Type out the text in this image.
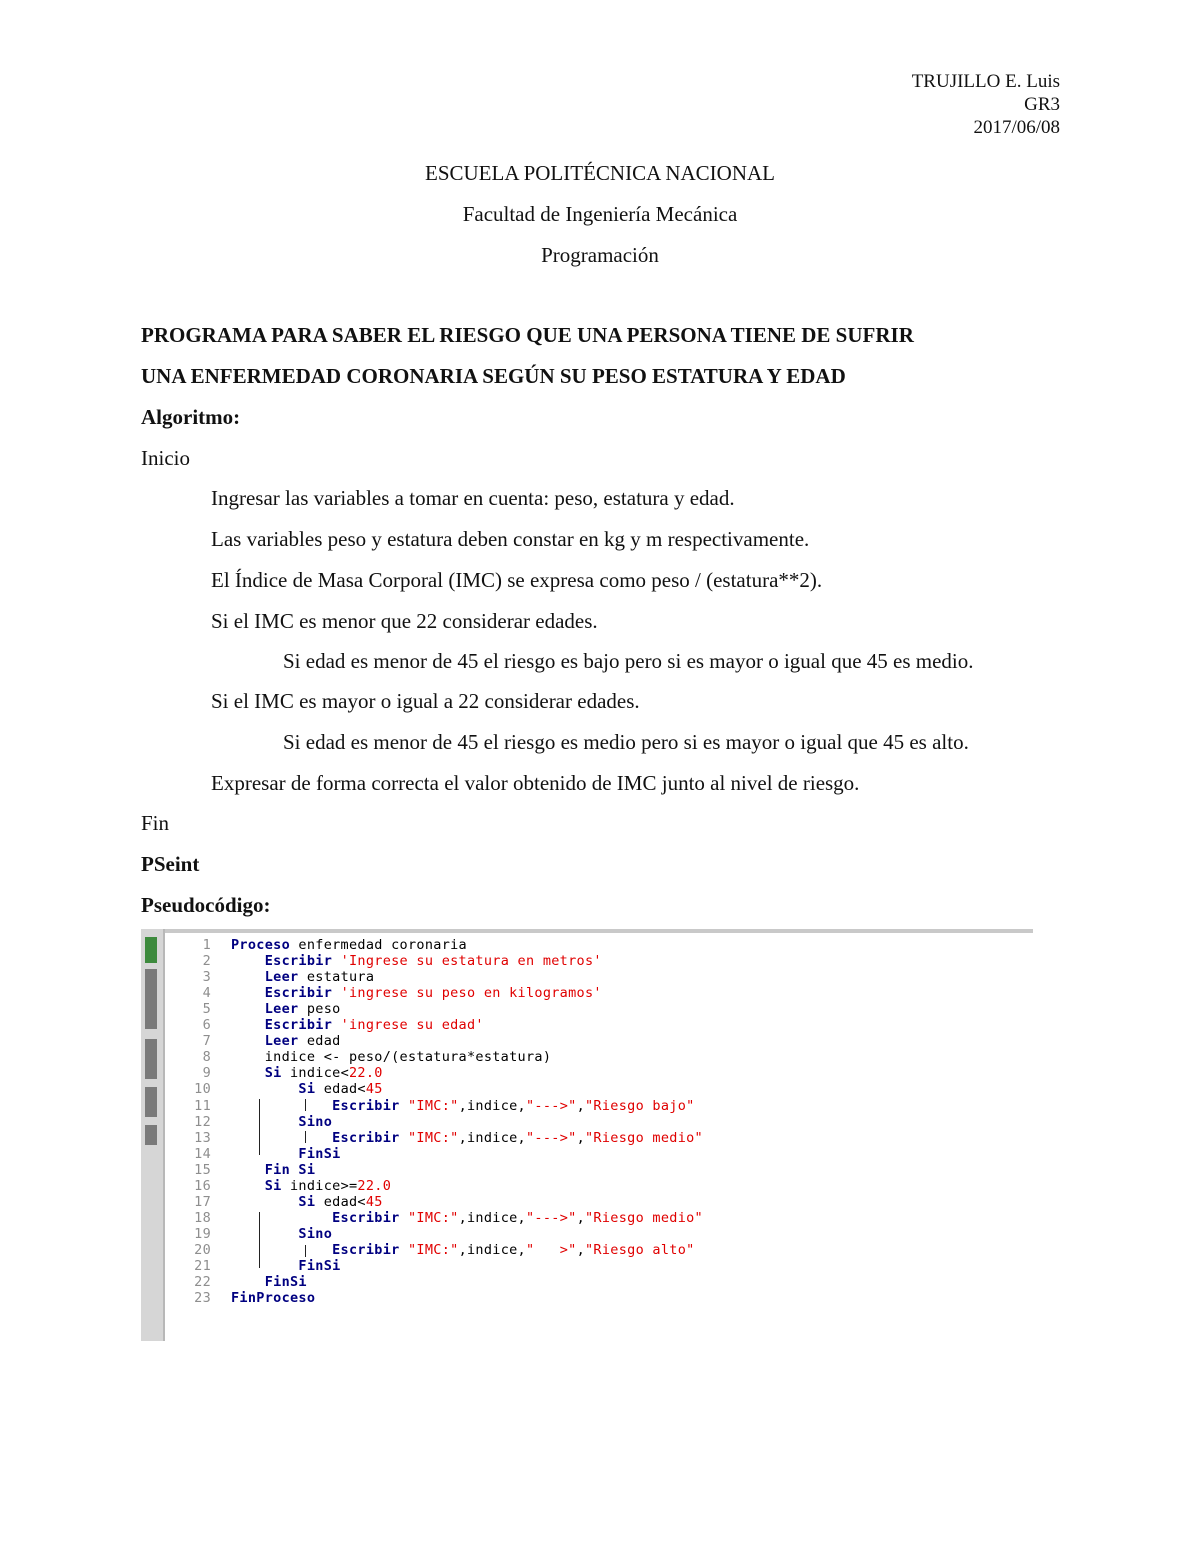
TRUJILLO E. Luis
GR3
2017/06/08
ESCUELA POLITÉCNICA NACIONAL
Facultad de Ingeniería Mecánica
Programación
PROGRAMA PARA SABER EL RIESGO QUE UNA PERSONA TIENE DE SUFRIR
UNA ENFERMEDAD CORONARIA SEGÚN SU PESO ESTATURA Y EDAD
Algoritmo:
Inicio
Ingresar las variables a tomar en cuenta: peso, estatura y edad.
Las variables peso y estatura deben constar en kg y m respectivamente.
El Índice de Masa Corporal (IMC) se expresa como peso / (estatura**2).
Si el IMC es menor que 22 considerar edades.
Si edad es menor de 45 el riesgo es bajo pero si es mayor o igual que 45 es medio.
Si el IMC es mayor o igual a 22 considerar edades.
Si edad es menor de 45 el riesgo es medio pero si es mayor o igual que 45 es alto.
Expresar de forma correcta el valor obtenido de IMC junto al nivel de riesgo.
Fin
PSeint
Pseudocódigo:
1 Proceso enfermedad coronaria
2    Escribir 'Ingrese su estatura en metros'
3    Leer estatura
4    Escribir 'ingrese su peso en kilogramos'
5    Leer peso
6    Escribir 'ingrese su edad'
7    Leer edad
8    indice <- peso/(estatura*estatura)
9    Si indice<22.0
10        Si edad<45
11            Escribir "IMC:",indice,"--->","Riesgo bajo"
12        Sino
13            Escribir "IMC:",indice,"--->","Riesgo medio"
14        FinSi
15    Fin Si
16    Si indice>=22.0
17        Si edad<45
18            Escribir "IMC:",indice,"--->","Riesgo medio"
19        Sino
20            Escribir "IMC:",indice,"   >","Riesgo alto"
21        FinSi
22    FinSi
23 FinProceso
